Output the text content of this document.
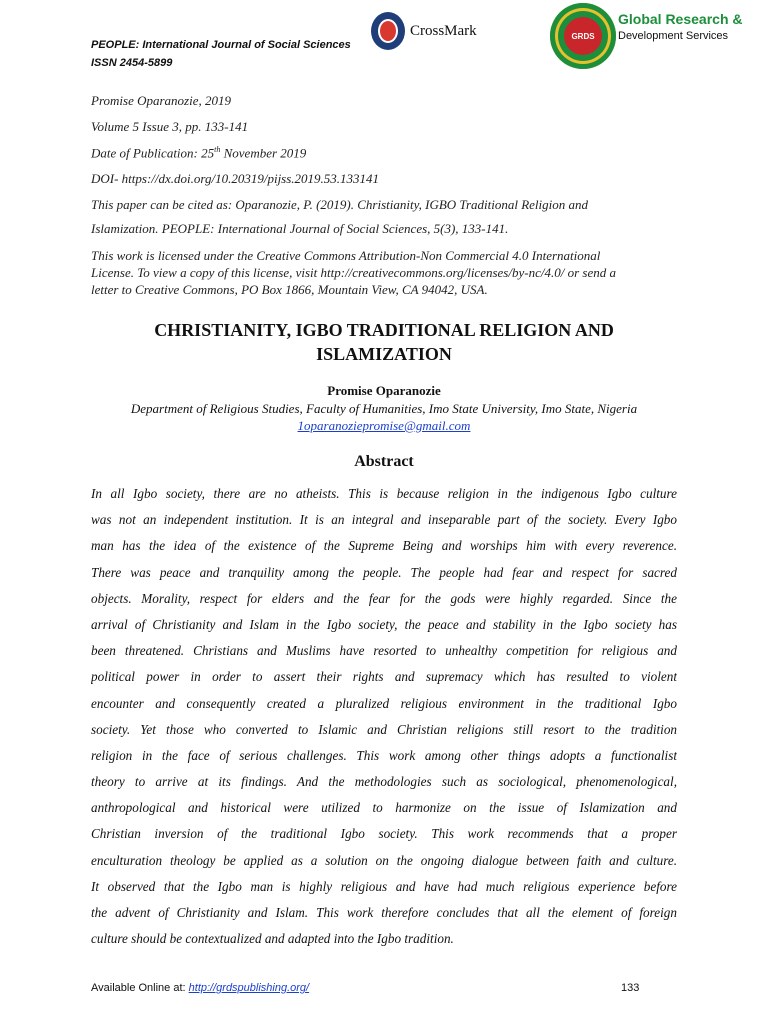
PEOPLE: International Journal of Social Sciences
ISSN 2454-5899
CrossMark	GRDS
Global Research &
Development Services
Promise Oparanozie, 2019
Volume 5 Issue 3, pp. 133-141
Date of Publication: 25th November 2019
DOI- https://dx.doi.org/10.20319/pijss.2019.53.133141
This paper can be cited as: Oparanozie, P. (2019). Christianity, IGBO Traditional Religion and
Islamization. PEOPLE: International Journal of Social Sciences, 5(3), 133-141.
This work is licensed under the Creative Commons Attribution-Non Commercial 4.0 International
License. To view a copy of this license, visit http://creativecommons.org/licenses/by-nc/4.0/ or send a
letter to Creative Commons, PO Box 1866, Mountain View, CA 94042, USA.
CHRISTIANITY, IGBO TRADITIONAL RELIGION AND
ISLAMIZATION
Promise Oparanozie
Department of Religious Studies, Faculty of Humanities, Imo State University, Imo State, Nigeria
1oparanoziepromise@gmail.com
Abstract
In all Igbo society, there are no atheists. This is because religion in the indigenous Igbo culture
was not an independent institution. It is an integral and inseparable part of the society. Every Igbo
man has the idea of the existence of the Supreme Being and worships him with every reverence.
There was peace and tranquility among the people. The people had fear and respect for sacred
objects. Morality, respect for elders and the fear for the gods were highly regarded. Since the
arrival of Christianity and Islam in the Igbo society, the peace and stability in the Igbo society has
been threatened. Christians and Muslims have resorted to unhealthy competition for religious and
political power in order to assert their rights and supremacy which has resulted to violent
encounter and consequently created a pluralized religious environment in the traditional Igbo
society. Yet those who converted to Islamic and Christian religions still resort to the tradition
religion in the face of serious challenges. This work among other things adopts a functionalist
theory to arrive at its findings. And the methodologies such as sociological, phenomenological,
anthropological and historical were utilized to harmonize on the issue of Islamization and
Christian inversion of the traditional Igbo society. This work recommends that a proper
enculturation theology be applied as a solution on the ongoing dialogue between faith and culture.
It observed that the Igbo man is highly religious and have had much religious experience before
the advent of Christianity and Islam. This work therefore concludes that all the element of foreign
culture should be contextualized and adapted into the Igbo tradition.
Available Online at: http://grdspublishing.org/	133
